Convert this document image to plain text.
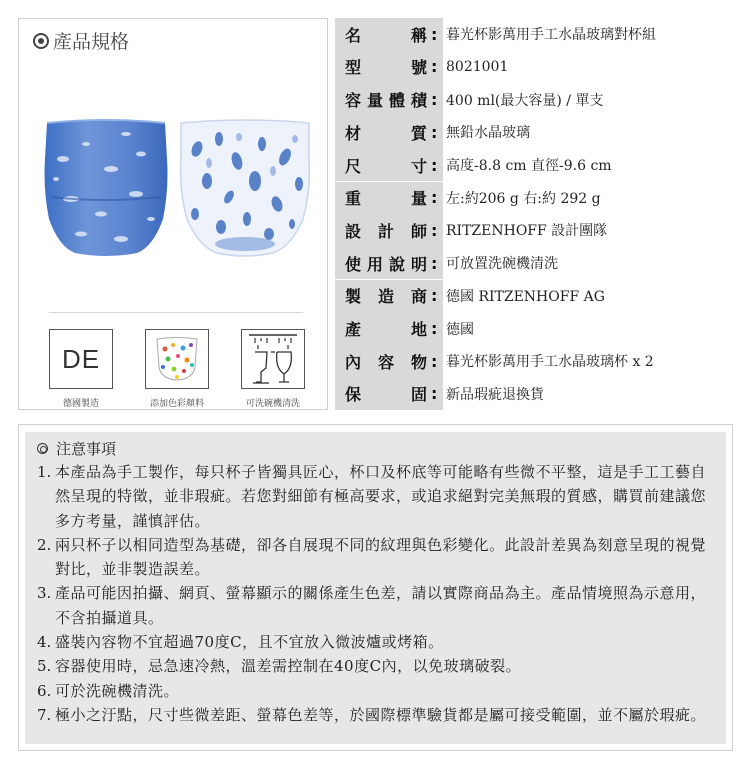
產品規格
DE
德國製造	添加色彩顏料	可洗碗機清洗
名稱 : 暮光杯影萬用手工水晶玻璃對杯組
型號 : 8021001
容量體積 : 400 ml(最大容量) / 單支
材質 : 無鉛水晶玻璃
尺寸 : 高度-8.8 cm 直徑-9.6 cm
重量 : 左:約206 g 右:約 292 g
設計師 : RITZENHOFF 設計團隊
使用說明 : 可放置洗碗機清洗
製造商 : 德國 RITZENHOFF AG
產地 : 德國
內容物 : 暮光杯影萬用手工水晶玻璃杯 x 2
保固 : 新品瑕疵退換貨
注意事項
1. 本產品為手工製作，每只杯子皆獨具匠心，杯口及杯底等可能略有些微不平整，這是手工工藝自然呈現的特徵，並非瑕疵。若您對細節有極高要求，或追求絕對完美無瑕的質感，購買前建議您多方考量，謹慎評估。
2. 兩只杯子以相同造型為基礎，卻各自展現不同的紋理與色彩變化。此設計差異為刻意呈現的視覺對比，並非製造誤差。
3. 產品可能因拍攝、網頁、螢幕顯示的關係產生色差，請以實際商品為主。產品情境照為示意用，不含拍攝道具。
4. 盛裝內容物不宜超過70度C，且不宜放入微波爐或烤箱。
5. 容器使用時，忌急速冷熱，溫差需控制在40度C內，以免玻璃破裂。
6. 可於洗碗機清洗。
7. 極小之汙點，尺寸些微差距、螢幕色差等，於國際標準驗貨都是屬可接受範圍，並不屬於瑕疵。
